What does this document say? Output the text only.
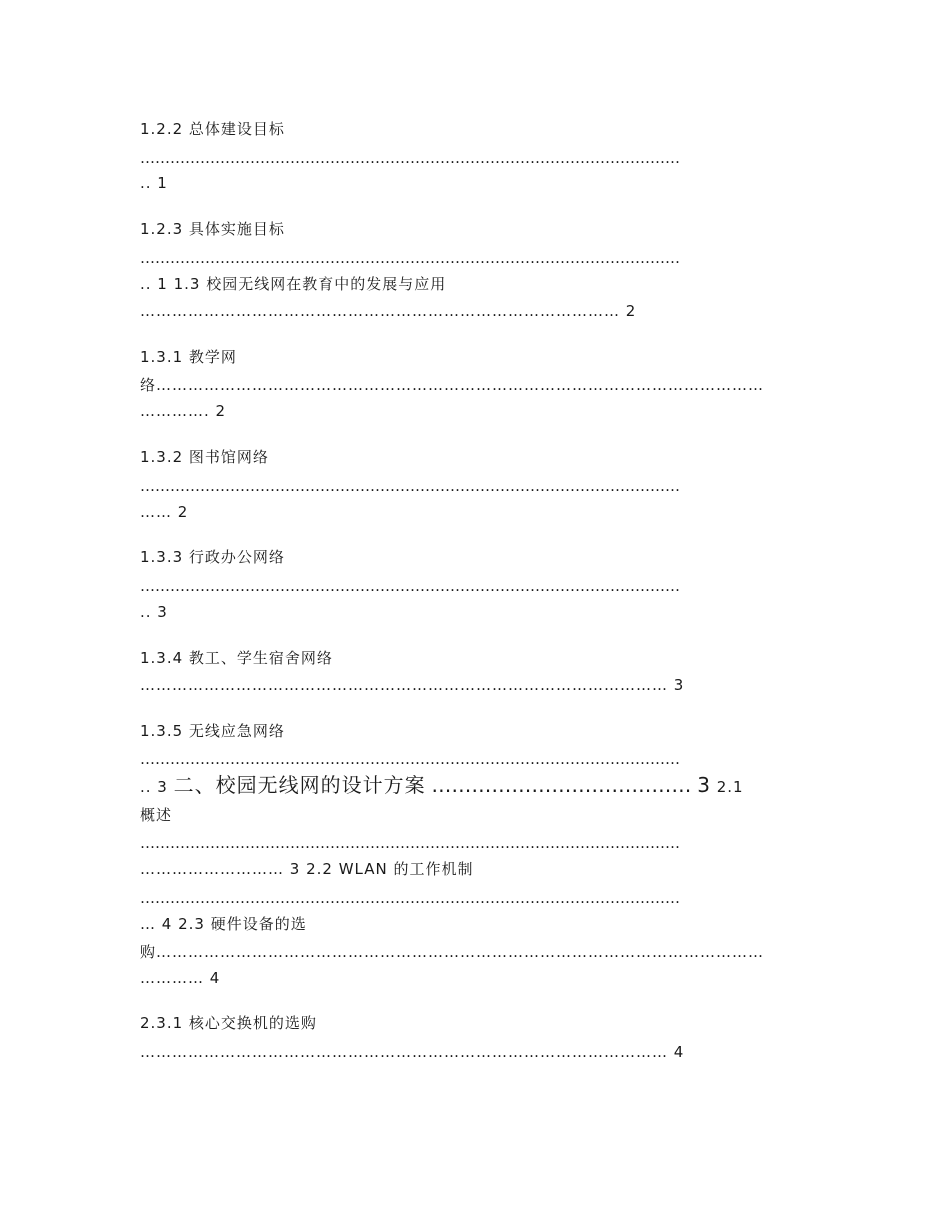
1.2.2 总体建设目标
………………………………………………………………………………………………
.. 1
1.2.3 具体实施目标
………………………………………………………………………………………………
.. 1 1.3 校园无线网在教育中的发展与应用
……………………………………………………………………………… 2
1.3.1 教学网
络……………………………………………………………………………………………………
…………. 2
1.3.2 图书馆网络
………………………………………………………………………………………………
…… 2
1.3.3 行政办公网络
………………………………………………………………………………………………
.. 3
1.3.4 教工、学生宿舍网络
……………………………………………………………………………………… 3
1.3.5 无线应急网络
………………………………………………………………………………………………
.. 3 二、校园无线网的设计方案 ………………………………… 3 2.1
概述
………………………………………………………………………………………………
……………………… 3 2.2 WLAN 的工作机制
………………………………………………………………………………………………
… 4 2.3 硬件设备的选
购……………………………………………………………………………………………………
………… 4
2.3.1 核心交换机的选购
……………………………………………………………………………………… 4
